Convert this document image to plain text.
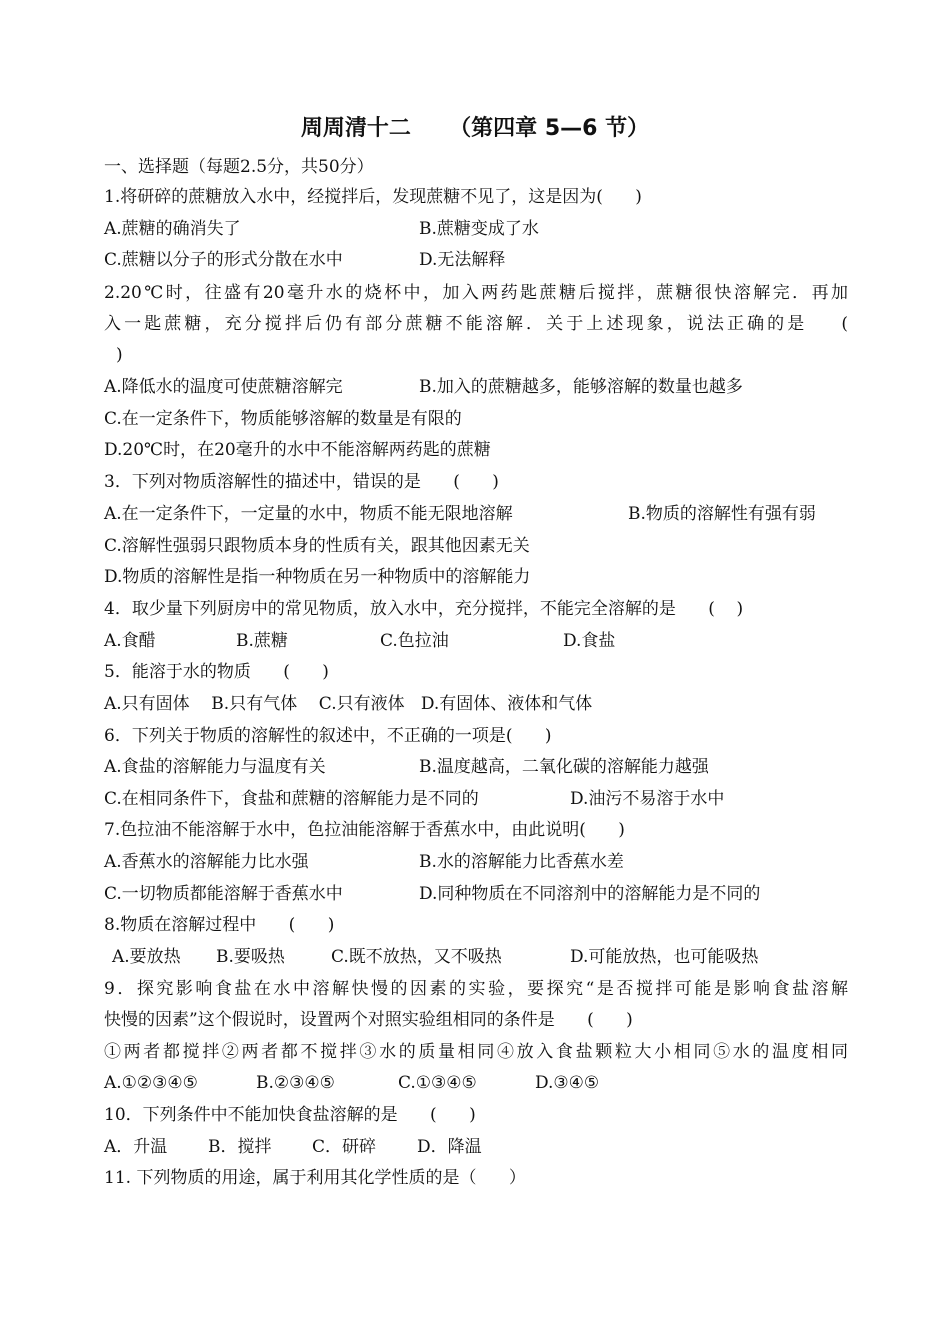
周周清十二     （第四章 5—6 节）
一、选择题（每题2.5分，共50分）
1.将研碎的蔗糖放入水中，经搅拌后，发现蔗糖不见了，这是因为(      )
A.蔗糖的确消失了	B.蔗糖变成了水
C.蔗糖以分子的形式分散在水中	D.无法解释
2.20℃时，往盛有20毫升水的烧杯中，加入两药匙蔗糖后搅拌，蔗糖很快溶解完．再加
入一匙蔗糖，充分搅拌后仍有部分蔗糖不能溶解．关于上述现象，说法正确的是    (
)
A.降低水的温度可使蔗糖溶解完	B.加入的蔗糖越多，能够溶解的数量也越多
C.在一定条件下，物质能够溶解的数量是有限的
D.20℃时，在20毫升的水中不能溶解两药匙的蔗糖
3．下列对物质溶解性的描述中，错误的是      (      )
A.在一定条件下，一定量的水中，物质不能无限地溶解	B.物质的溶解性有强有弱
C.溶解性强弱只跟物质本身的性质有关，跟其他因素无关
D.物质的溶解性是指一种物质在另一种物质中的溶解能力
4．取少量下列厨房中的常见物质，放入水中，充分搅拌，不能完全溶解的是      (    )
A.食醋	B.蔗糖	C.色拉油	D.食盐
5．能溶于水的物质      (      )
A.只有固体    B.只有气体    C.只有液体   D.有固体、液体和气体
6．下列关于物质的溶解性的叙述中，不正确的一项是(      )
A.食盐的溶解能力与温度有关	B.温度越高，二氧化碳的溶解能力越强
C.在相同条件下，食盐和蔗糖的溶解能力是不同的	D.油污不易溶于水中
7.色拉油不能溶解于水中，色拉油能溶解于香蕉水中，由此说明(      )
A.香蕉水的溶解能力比水强	B.水的溶解能力比香蕉水差
C.一切物质都能溶解于香蕉水中	D.同种物质在不同溶剂中的溶解能力是不同的
8.物质在溶解过程中      (      )
A.要放热 B.要吸热	C.既不放热，又不吸热	D.可能放热，也可能吸热
9．探究影响食盐在水中溶解快慢的因素的实验，要探究“是否搅拌可能是影响食盐溶解
快慢的因素”这个假说时，设置两个对照实验组相同的条件是      (      )
①两者都搅拌②两者都不搅拌③水的质量相同④放入食盐颗粒大小相同⑤水的温度相同
A.①②③④⑤	B.②③④⑤	C.①③④⑤	D.③④⑤
10．下列条件中不能加快食盐溶解的是      (      )
A．升温 B．搅拌 C．研碎 D．降温
11. 下列物质的用途，属于利用其化学性质的是（      ）
